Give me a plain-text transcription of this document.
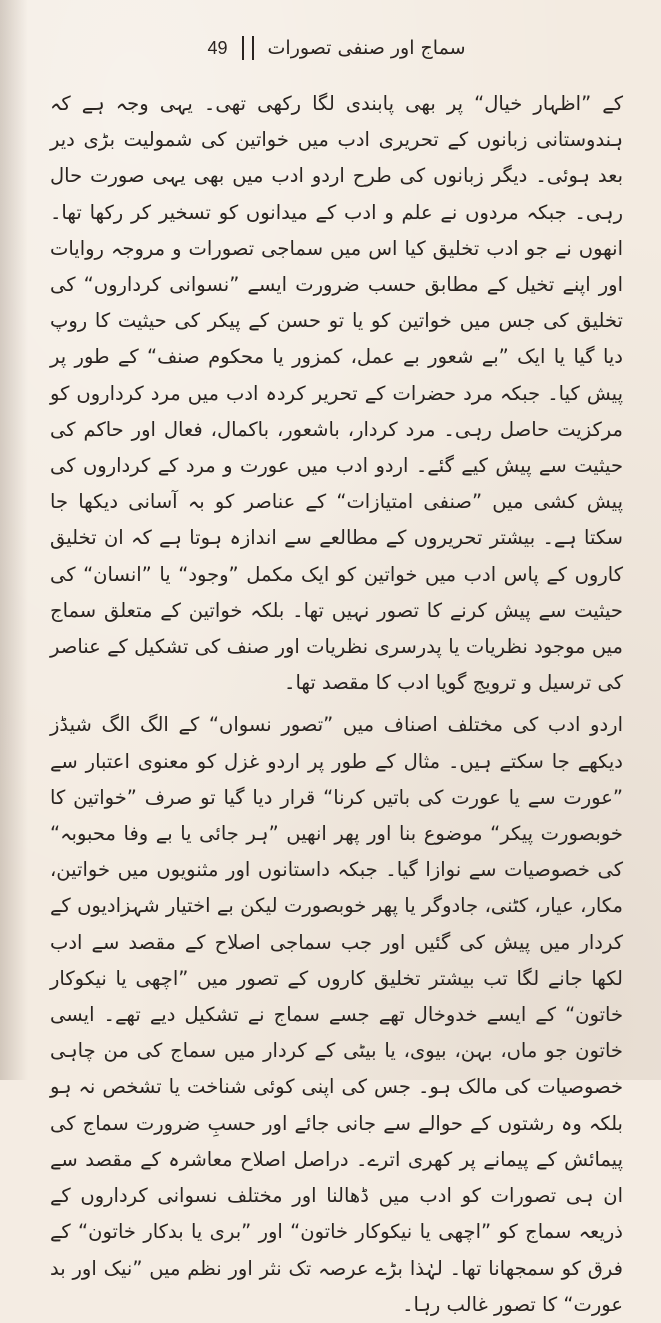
سماج اور صنفی تصورات
49

کے ”اظہار خیال“ پر بھی پابندی لگا رکھی تھی۔ یہی وجہ ہے کہ ہندوستانی زبانوں کے تحریری ادب میں خواتین کی شمولیت بڑی دیر بعد ہوئی۔ دیگر زبانوں کی طرح اردو ادب میں بھی یہی صورت حال رہی۔ جبکہ مردوں نے علم و ادب کے میدانوں کو تسخیر کر رکھا تھا۔ انھوں نے جو ادب تخلیق کیا اس میں سماجی تصورات و مروجہ روایات اور اپنے تخیل کے مطابق حسب ضرورت ایسے ”نسوانی کرداروں“ کی تخلیق کی جس میں خواتین کو یا تو حسن کے پیکر کی حیثیت کا روپ دیا گیا یا ایک ”بے شعور بے عمل، کمزور یا محکوم صنف“ کے طور پر پیش کیا۔ جبکہ مرد حضرات کے تحریر کردہ ادب میں مرد کرداروں کو مرکزیت حاصل رہی۔ مرد کردار، باشعور، باکمال، فعال اور حاکم کی حیثیت سے پیش کیے گئے۔ اردو ادب میں عورت و مرد کے کرداروں کی پیش کشی میں ”صنفی امتیازات“ کے عناصر کو بہ آسانی دیکھا جا سکتا ہے۔ بیشتر تحریروں کے مطالعے سے اندازہ ہوتا ہے کہ ان تخلیق کاروں کے پاس ادب میں خواتین کو ایک مکمل ”وجود“ یا ”انسان“ کی حیثیت سے پیش کرنے کا تصور نہیں تھا۔ بلکہ خواتین کے متعلق سماج میں موجود نظریات یا پدرسری نظریات اور صنف کی تشکیل کے عناصر کی ترسیل و ترویج گویا ادب کا مقصد تھا۔

اردو ادب کی مختلف اصناف میں ”تصور نسواں“ کے الگ الگ شیڈز دیکھے جا سکتے ہیں۔ مثال کے طور پر اردو غزل کو معنوی اعتبار سے ”عورت سے یا عورت کی باتیں کرنا“ قرار دیا گیا تو صرف ”خواتین کا خوبصورت پیکر“ موضوع بنا اور پھر انھیں ”ہر جائی یا بے وفا محبوبہ“ کی خصوصیات سے نوازا گیا۔ جبکہ داستانوں اور مثنویوں میں خواتین، مکار، عیار، کٹنی، جادوگر یا پھر خوبصورت لیکن بے اختیار شہزادیوں کے کردار میں پیش کی گئیں اور جب سماجی اصلاح کے مقصد سے ادب لکھا جانے لگا تب بیشتر تخلیق کاروں کے تصور میں ”اچھی یا نیکوکار خاتون“ کے ایسے خدوخال تھے جسے سماج نے تشکیل دیے تھے۔ ایسی خاتون جو ماں، بہن، بیوی، یا بیٹی کے کردار میں سماج کی من چاہی خصوصیات کی مالک ہو۔ جس کی اپنی کوئی شناخت یا تشخص نہ ہو بلکہ وہ رشتوں کے حوالے سے جانی جائے اور حسبِ ضرورت سماج کی پیمائش کے پیمانے پر کھری اترے۔ دراصل اصلاح معاشرہ کے مقصد سے ان ہی تصورات کو ادب میں ڈھالنا اور مختلف نسوانی کرداروں کے ذریعہ سماج کو ”اچھی یا نیکوکار خاتون“ اور ”بری یا بدکار خاتون“ کے فرق کو سمجھانا تھا۔ لہٰذا بڑے عرصہ تک نثر اور نظم میں ”نیک اور بد عورت“ کا تصور غالب رہا۔
